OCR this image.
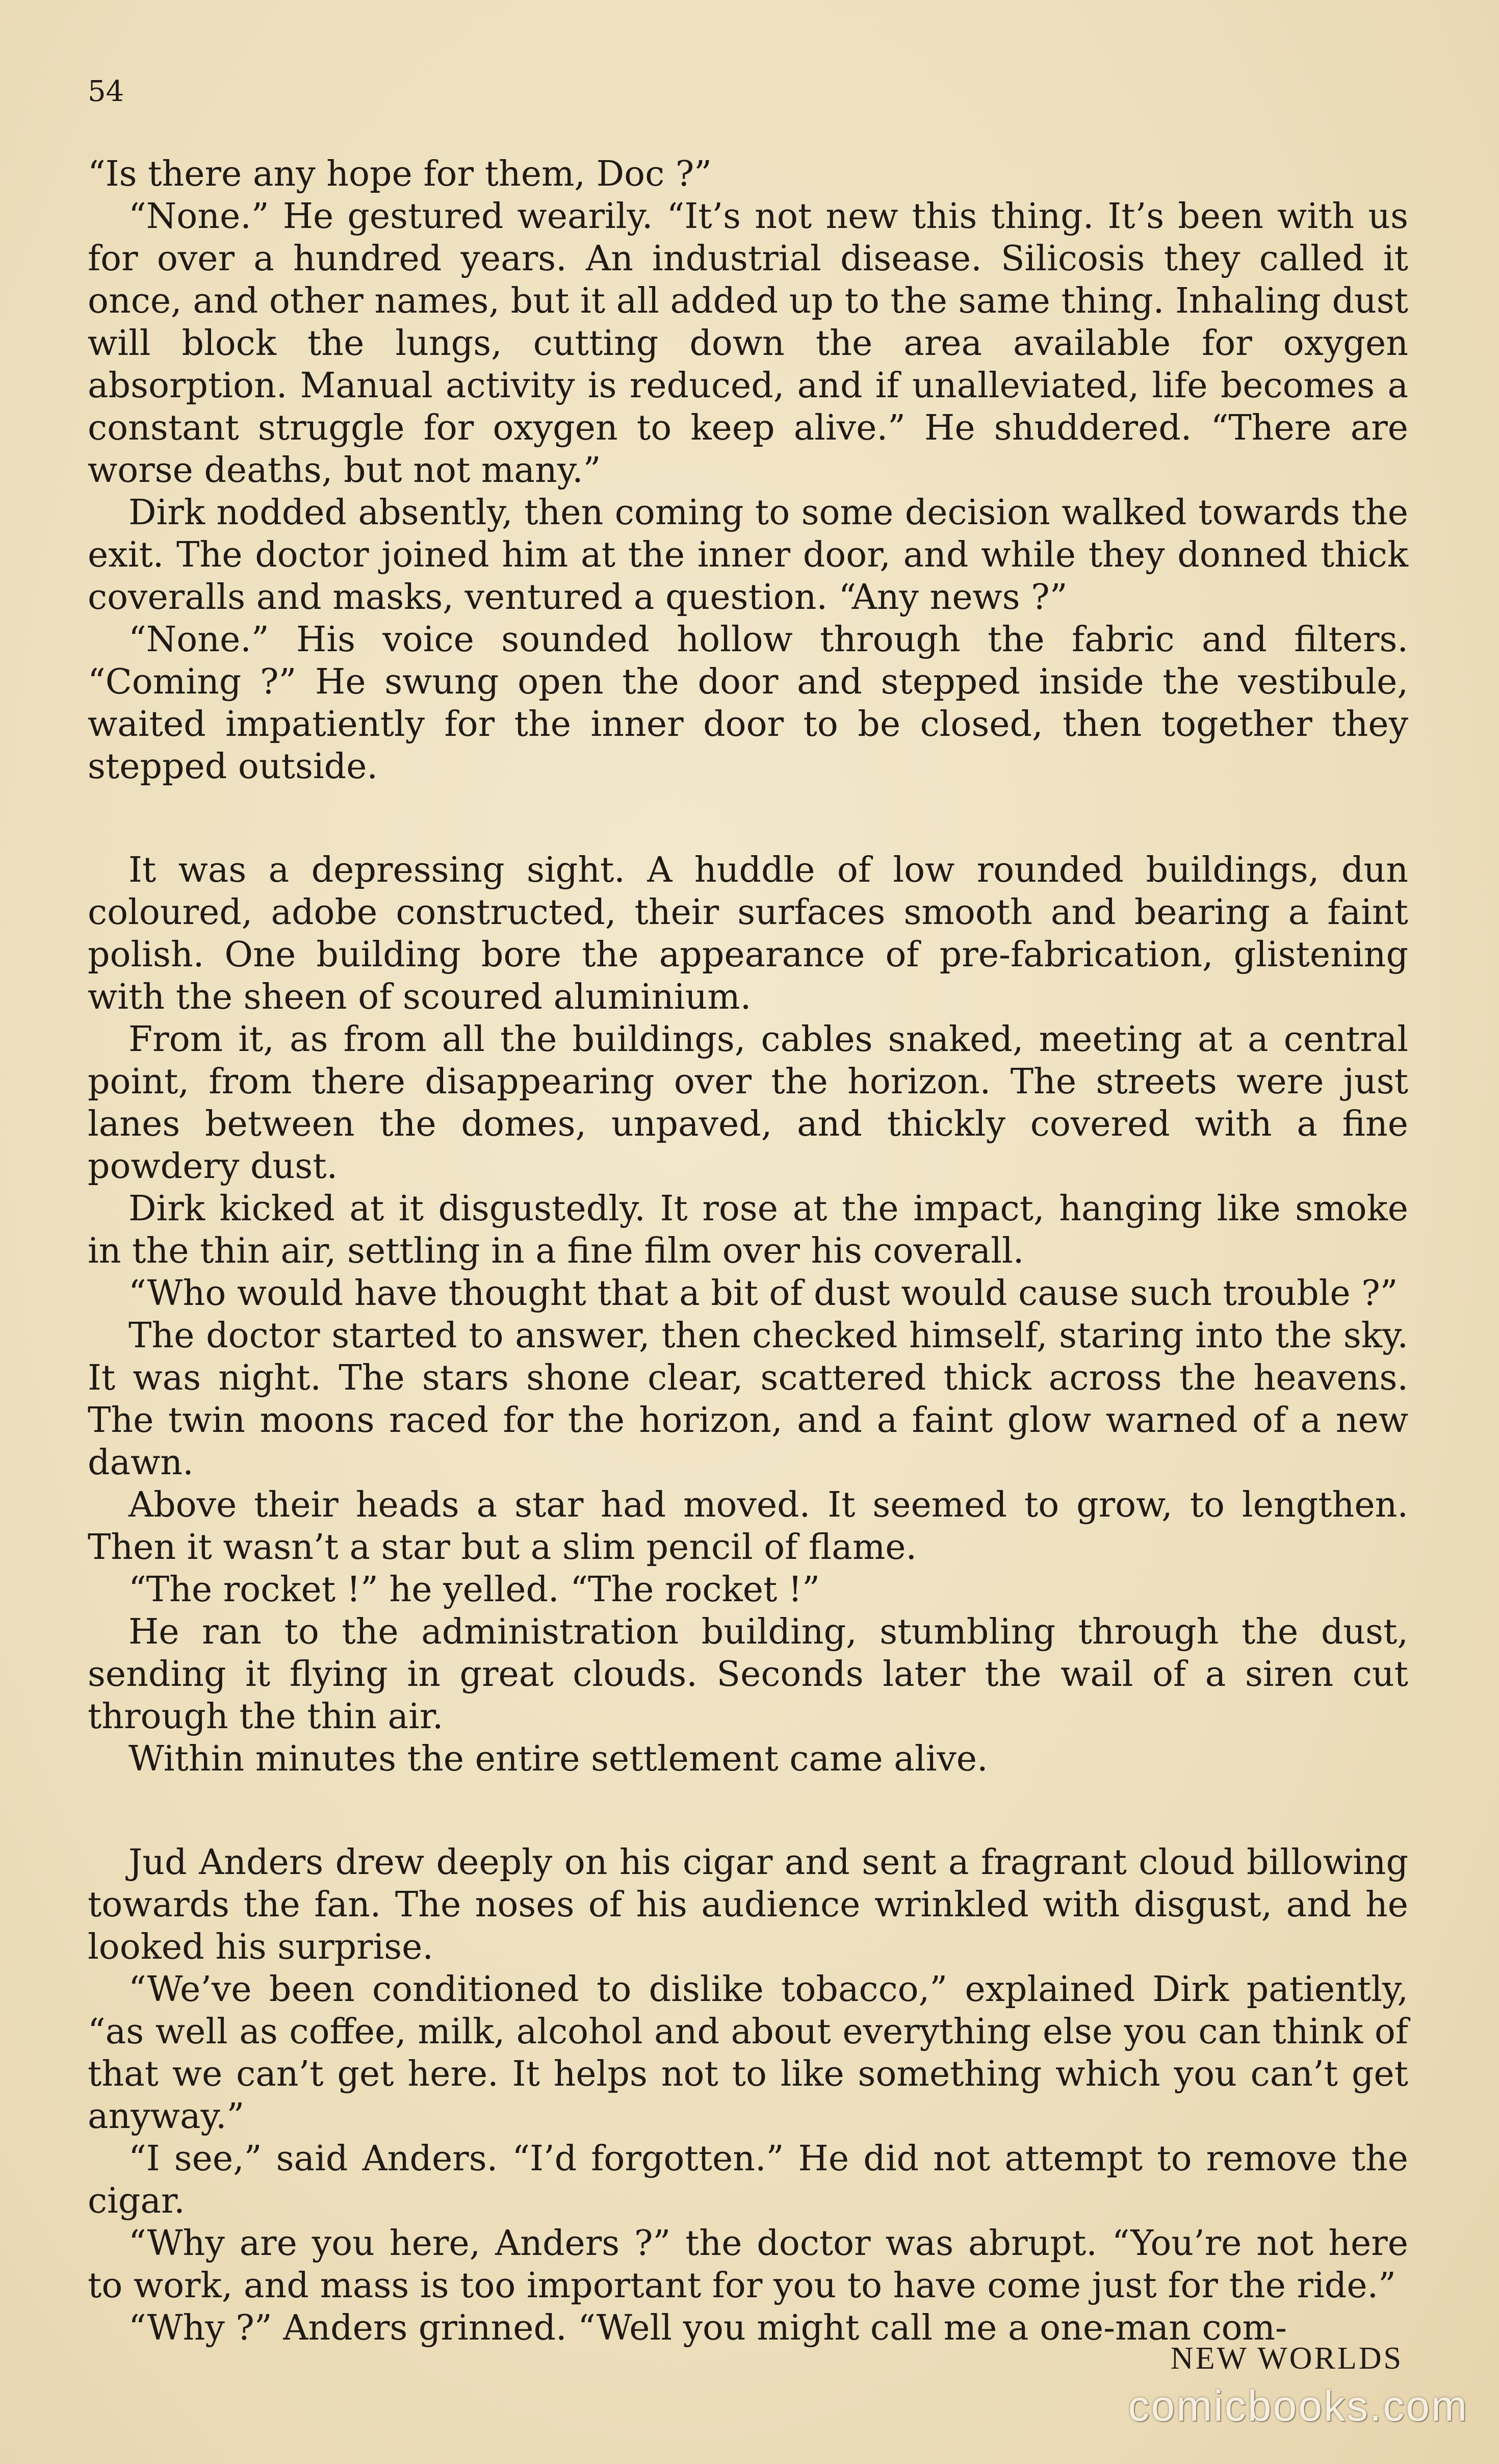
54

“Is there any hope for them, Doc ?”

“None.” He gestured wearily. “It’s not new this thing. It’s been with us for over a hundred years. An industrial disease. Silicosis they called it once, and other names, but it all added up to the same thing. Inhaling dust will block the lungs, cutting down the area available for oxygen absorption. Manual activity is reduced, and if unalleviated, life becomes a constant struggle for oxygen to keep alive.” He shuddered. “There are worse deaths, but not many.”

Dirk nodded absently, then coming to some decision walked towards the exit. The doctor joined him at the inner door, and while they donned thick coveralls and masks, ventured a question. “Any news ?”

“None.” His voice sounded hollow through the fabric and filters. “Coming ?” He swung open the door and stepped inside the vestibule, waited impatiently for the inner door to be closed, then together they stepped outside.

It was a depressing sight. A huddle of low rounded buildings, dun coloured, adobe constructed, their surfaces smooth and bearing a faint polish. One building bore the appearance of pre-fabrication, glistening with the sheen of scoured aluminium.

From it, as from all the buildings, cables snaked, meeting at a central point, from there disappearing over the horizon. The streets were just lanes between the domes, unpaved, and thickly covered with a fine powdery dust.

Dirk kicked at it disgustedly. It rose at the impact, hanging like smoke in the thin air, settling in a fine film over his coverall.

“Who would have thought that a bit of dust would cause such trouble ?”

The doctor started to answer, then checked himself, staring into the sky. It was night. The stars shone clear, scattered thick across the heavens. The twin moons raced for the horizon, and a faint glow warned of a new dawn.

Above their heads a star had moved. It seemed to grow, to lengthen. Then it wasn’t a star but a slim pencil of flame.

“The rocket !” he yelled. “The rocket !”

He ran to the administration building, stumbling through the dust, sending it flying in great clouds. Seconds later the wail of a siren cut through the thin air.

Within minutes the entire settlement came alive.

Jud Anders drew deeply on his cigar and sent a fragrant cloud billowing towards the fan. The noses of his audience wrinkled with disgust, and he looked his surprise.

“We’ve been conditioned to dislike tobacco,” explained Dirk patiently, “as well as coffee, milk, alcohol and about everything else you can think of that we can’t get here. It helps not to like something which you can’t get anyway.”

“I see,” said Anders. “I’d forgotten.” He did not attempt to remove the cigar.

“Why are you here, Anders ?” the doctor was abrupt. “You’re not here to work, and mass is too important for you to have come just for the ride.”

“Why ?” Anders grinned. “Well you might call me a one-man com-

NEW WORLDS

comicbooks.com
